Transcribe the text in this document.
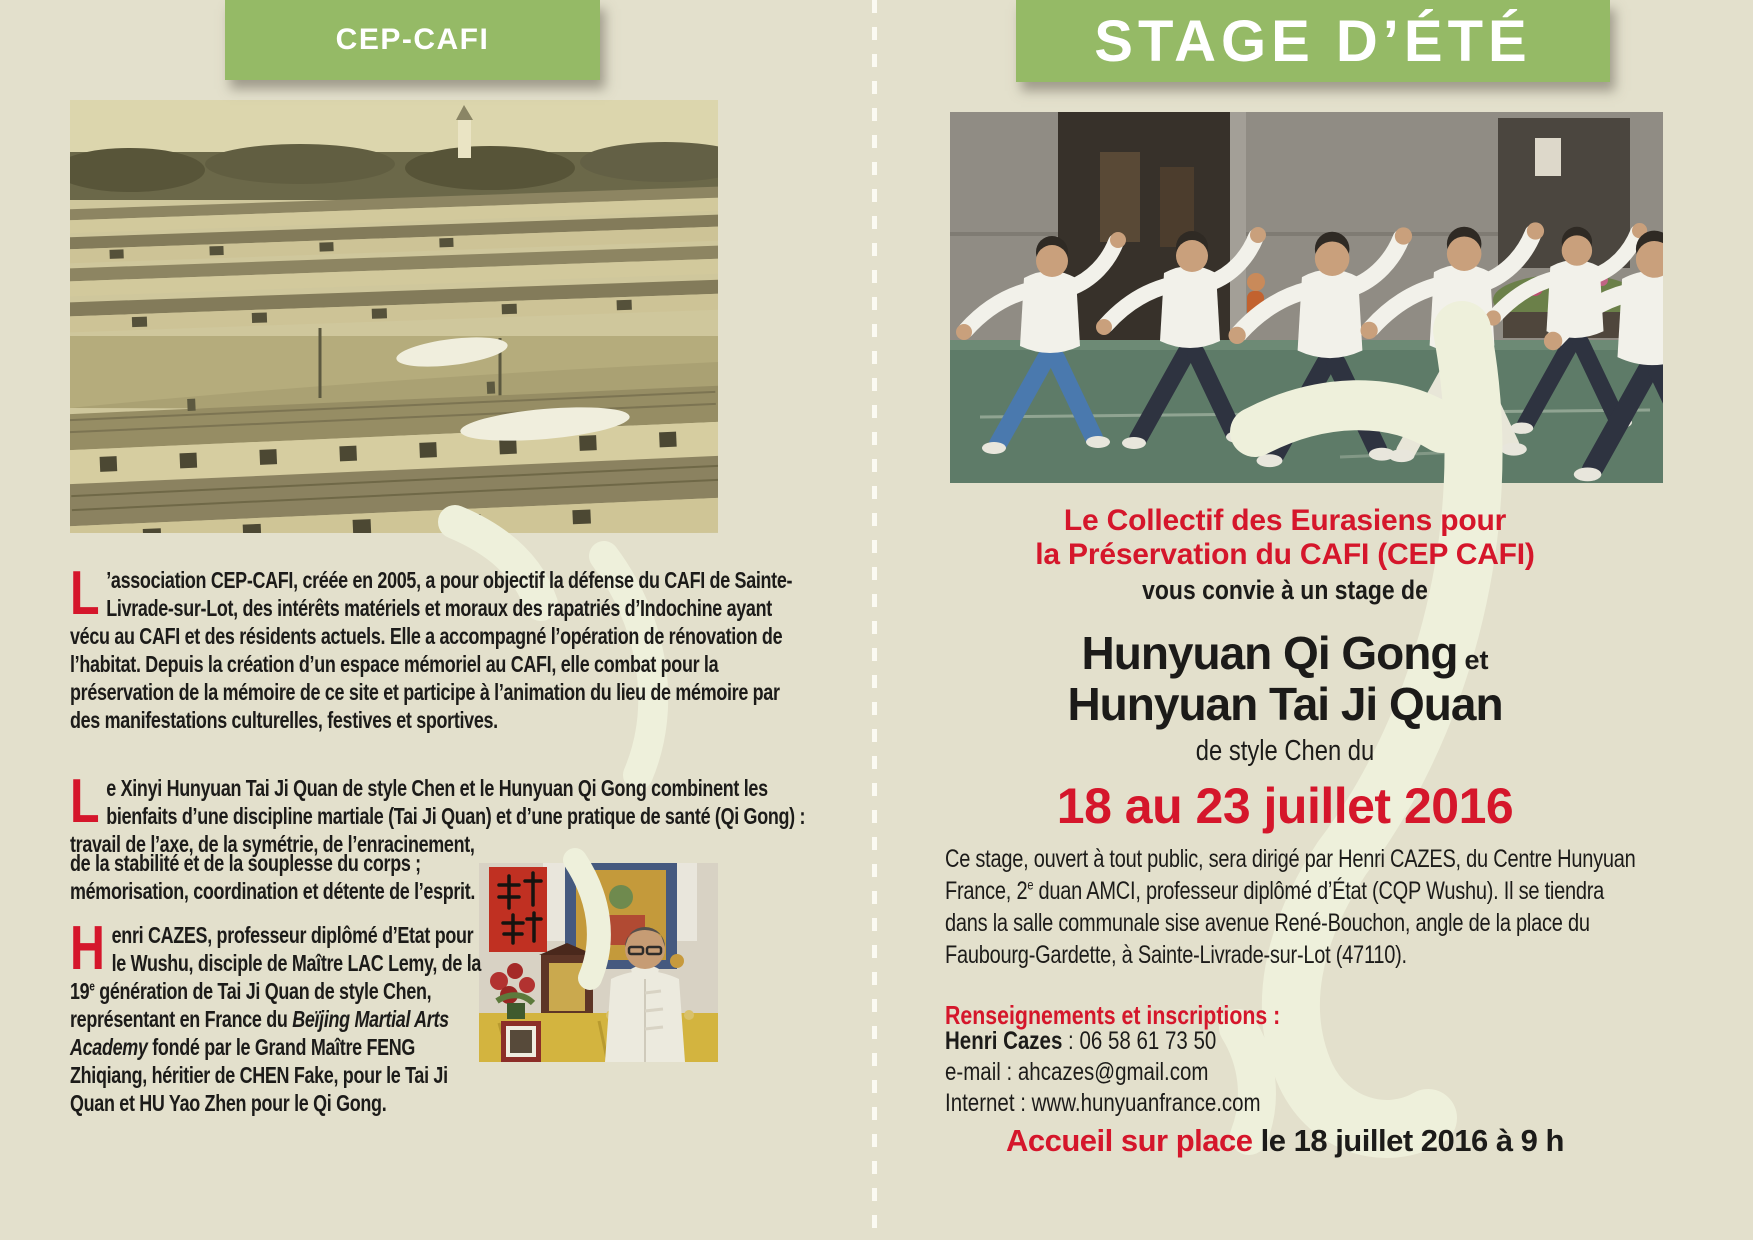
CEP-CAFI

L ’association CEP-CAFI, créée en 2005, a pour objectif la défense du CAFI de Sainte-Livrade-sur-Lot, des intérêts matériels et moraux des rapatriés d’Indochine ayant vécu au CAFI et des résidents actuels. Elle a accompagné l’opération de rénovation de l’habitat. Depuis la création d’un espace mémoriel au CAFI, elle combat pour la préservation de la mémoire de ce site et participe à l’animation du lieu de mémoire par des manifestations culturelles, festives et sportives.

Le Xinyi Hunyuan Tai Ji Quan de style Chen et le Hunyuan Qi Gong combinent les bienfaits d’une discipline martiale (Tai Ji Quan) et d’une pratique de santé (Qi Gong) : travail de l’axe, de la symétrie, de l’enracinement,

de la stabilité et de la souplesse du corps ; mémorisation, coordination et détente de l’esprit.

Henri CAZES, professeur diplômé d’Etat pour le Wushu, disciple de Maître LAC Lemy, de la 19e génération de Tai Ji Quan de style Chen, représentant en France du Beïjing Martial Arts Academy fondé par le Grand Maître FENG Zhiqiang, héritier de CHEN Fake, pour le Tai Ji Quan et HU Yao Zhen pour le Qi Gong.

STAGE D’ÉTÉ
Le Collectif des Eurasiens pour
la Préservation du CAFI (CEP CAFI)
vous convie à un stage de
Hunyuan Qi Gong et
Hunyuan Tai Ji Quan
de style Chen du
18 au 23 juillet 2016

Ce stage, ouvert à tout public, sera dirigé par Henri CAZES, du Centre Hunyuan France, 2e duan AMCI, professeur diplômé d’État (CQP Wushu). Il se tiendra dans la salle communale sise avenue René-Bouchon, angle de la place du Faubourg-Gardette, à Sainte-Livrade-sur-Lot (47110).

Renseignements et inscriptions :
Henri Cazes : 06 58 61 73 50
e-mail : ahcazes@gmail.com
Internet : www.hunyuanfrance.com
Accueil sur place le 18 juillet 2016 à 9 h
